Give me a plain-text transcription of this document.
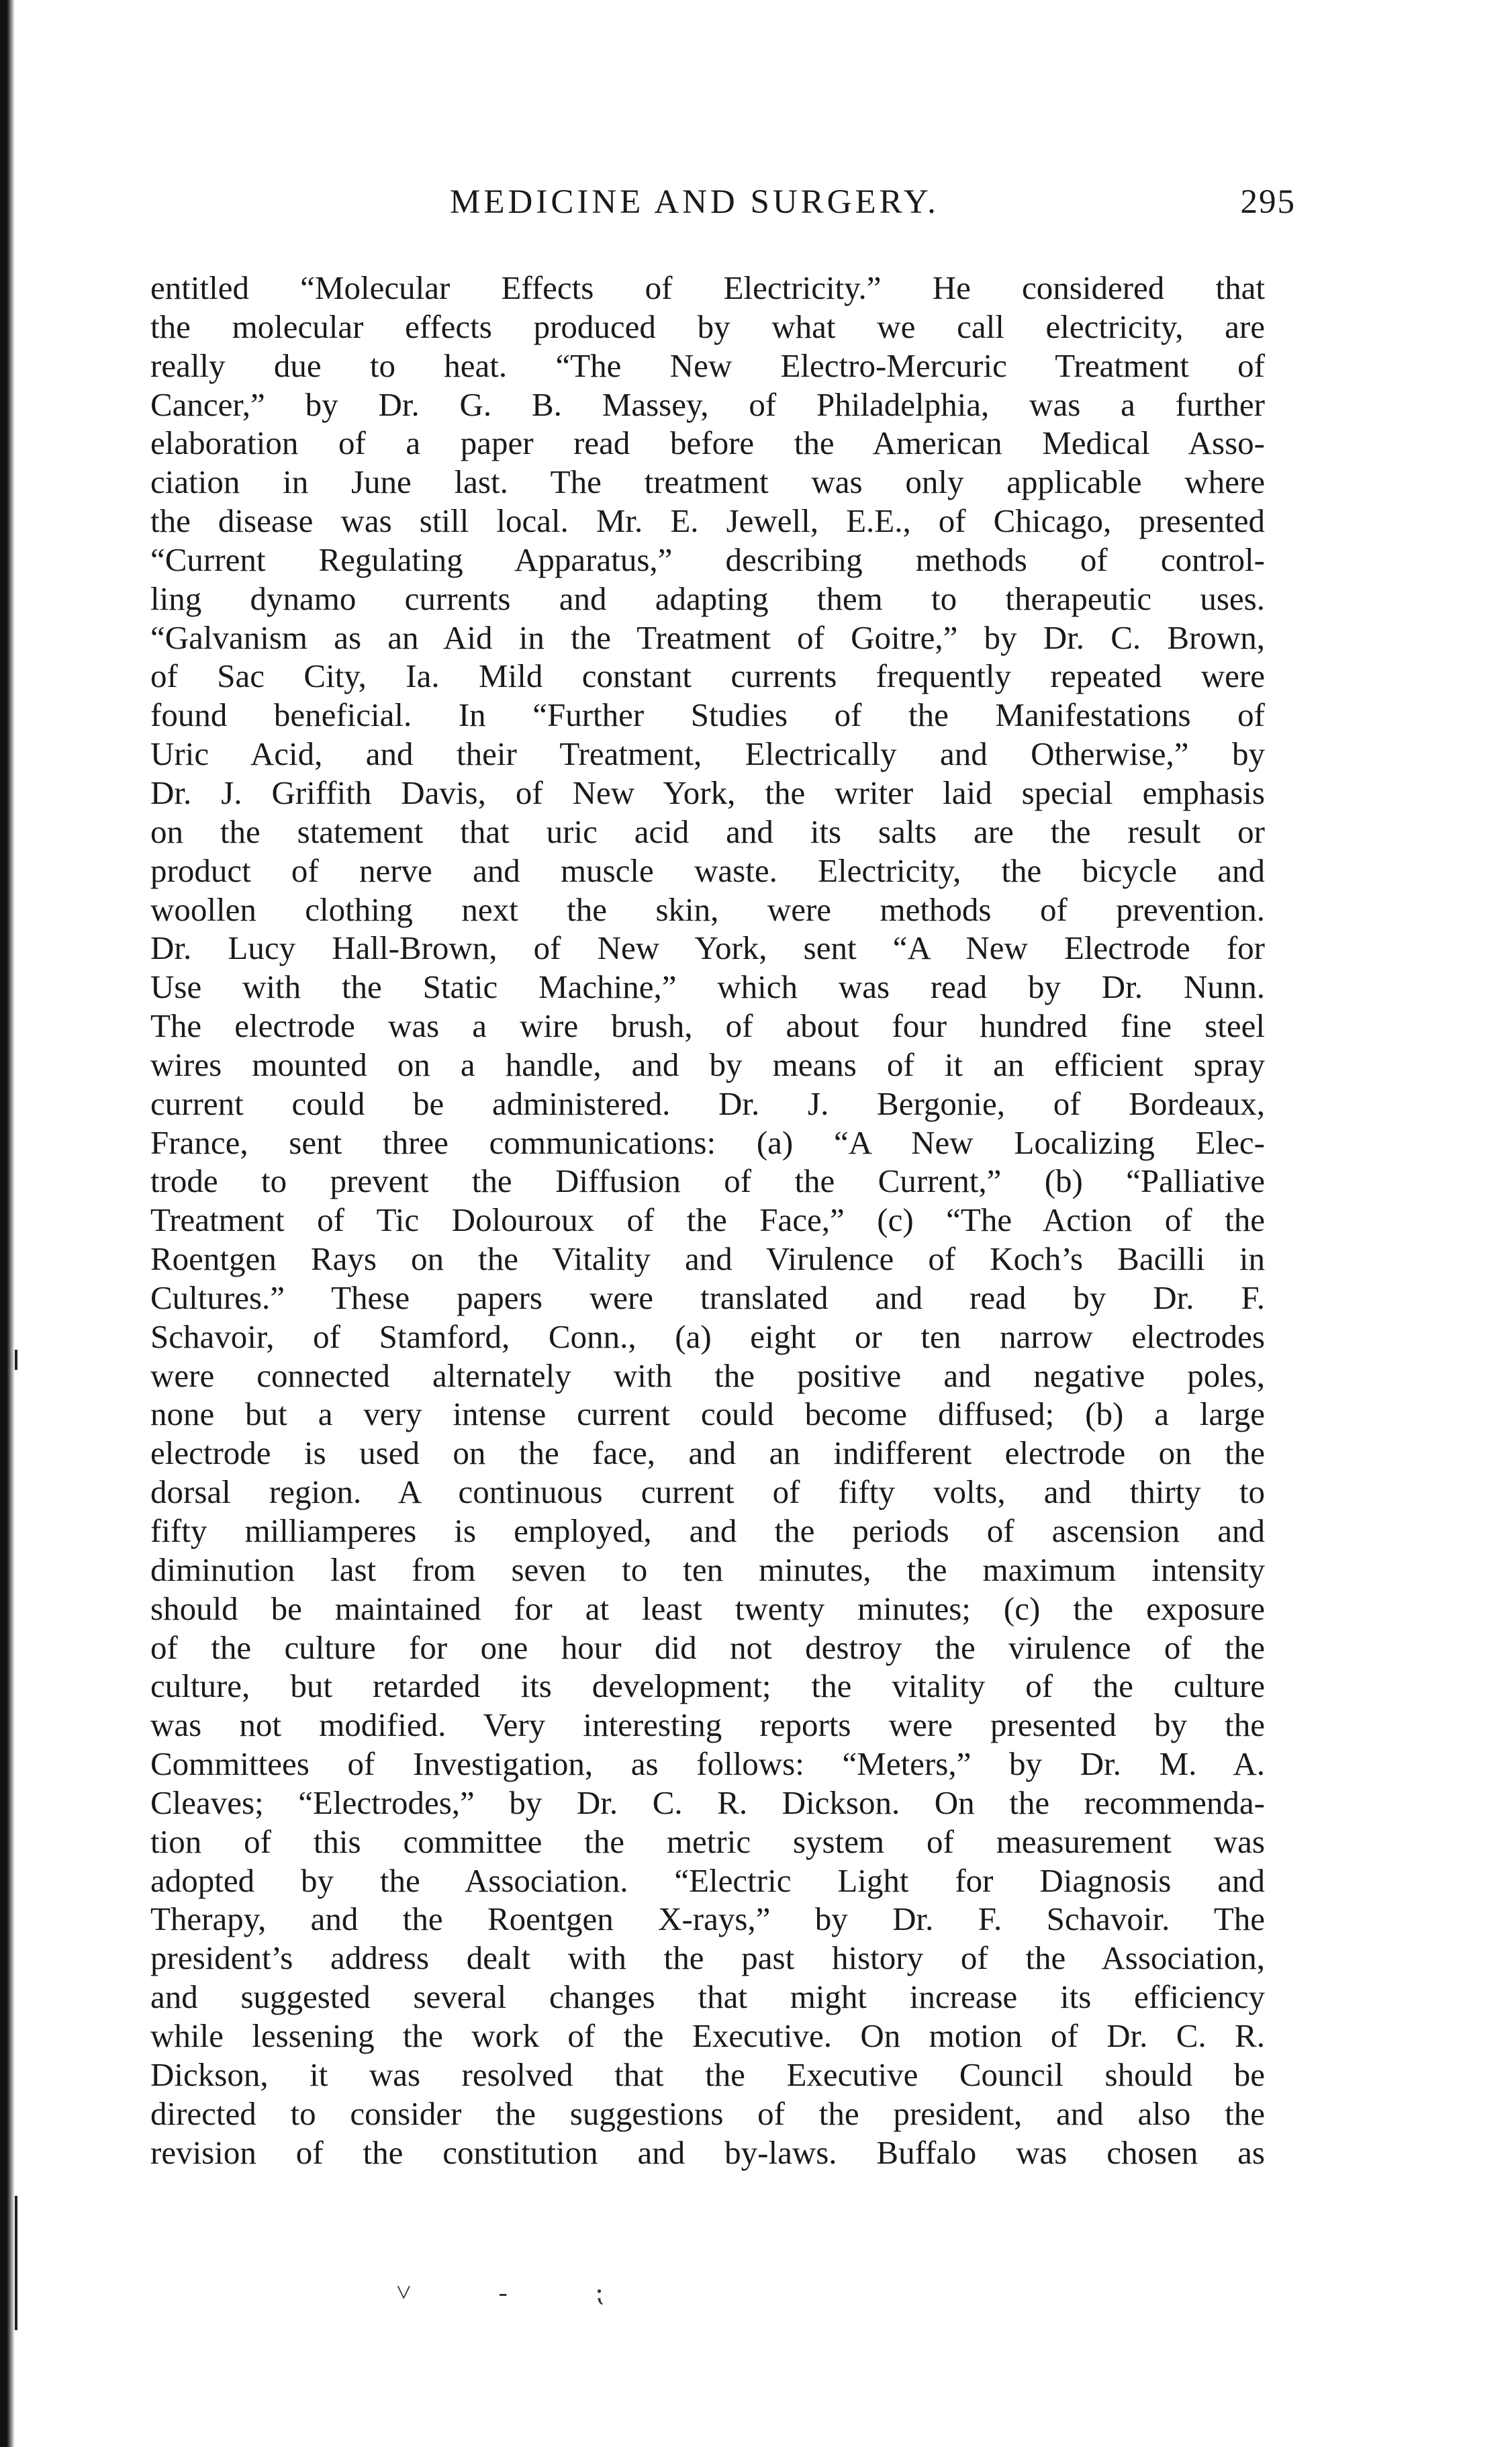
MEDICINE AND SURGERY.	295
entitled “Molecular Effects of Electricity.” He considered that
the molecular effects produced by what we call electricity, are
really due to heat. “The New Electro-Mercuric Treatment of
Cancer,” by Dr. G. B. Massey, of Philadelphia, was a further
elaboration of a paper read before the American Medical Asso-
ciation in June last. The treatment was only applicable where
the disease was still local. Mr. E. Jewell, E.E., of Chicago, presented
“Current Regulating Apparatus,” describing methods of control-
ling dynamo currents and adapting them to therapeutic uses.
“Galvanism as an Aid in the Treatment of Goitre,” by Dr. C. Brown,
of Sac City, Ia. Mild constant currents frequently repeated were
found beneficial. In “Further Studies of the Manifestations of
Uric Acid, and their Treatment, Electrically and Otherwise,” by
Dr. J. Griffith Davis, of New York, the writer laid special emphasis
on the statement that uric acid and its salts are the result or
product of nerve and muscle waste. Electricity, the bicycle and
woollen clothing next the skin, were methods of prevention.
Dr. Lucy Hall-Brown, of New York, sent “A New Electrode for
Use with the Static Machine,” which was read by Dr. Nunn.
The electrode was a wire brush, of about four hundred fine steel
wires mounted on a handle, and by means of it an efficient spray
current could be administered. Dr. J. Bergonie, of Bordeaux,
France, sent three communications: (a) “A New Localizing Elec-
trode to prevent the Diffusion of the Current,” (b) “Palliative
Treatment of Tic Dolouroux of the Face,” (c) “The Action of the
Roentgen Rays on the Vitality and Virulence of Koch’s Bacilli in
Cultures.” These papers were translated and read by Dr. F.
Schavoir, of Stamford, Conn., (a) eight or ten narrow electrodes
were connected alternately with the positive and negative poles,
none but a very intense current could become diffused; (b) a large
electrode is used on the face, and an indifferent electrode on the
dorsal region. A continuous current of fifty volts, and thirty to
fifty milliamperes is employed, and the periods of ascension and
diminution last from seven to ten minutes, the maximum intensity
should be maintained for at least twenty minutes; (c) the exposure
of the culture for one hour did not destroy the virulence of the
culture, but retarded its development; the vitality of the culture
was not modified. Very interesting reports were presented by the
Committees of Investigation, as follows: “Meters,” by Dr. M. A.
Cleaves; “Electrodes,” by Dr. C. R. Dickson. On the recommenda-
tion of this committee the metric system of measurement was
adopted by the Association. “Electric Light for Diagnosis and
Therapy, and the Roentgen X-rays,” by Dr. F. Schavoir. The
president’s address dealt with the past history of the Association,
and suggested several changes that might increase its efficiency
while lessening the work of the Executive. On motion of Dr. C. R.
Dickson, it was resolved that the Executive Council should be
directed to consider the suggestions of the president, and also the
revision of the constitution and by-laws. Buffalo was chosen as
˅ - ⁏
